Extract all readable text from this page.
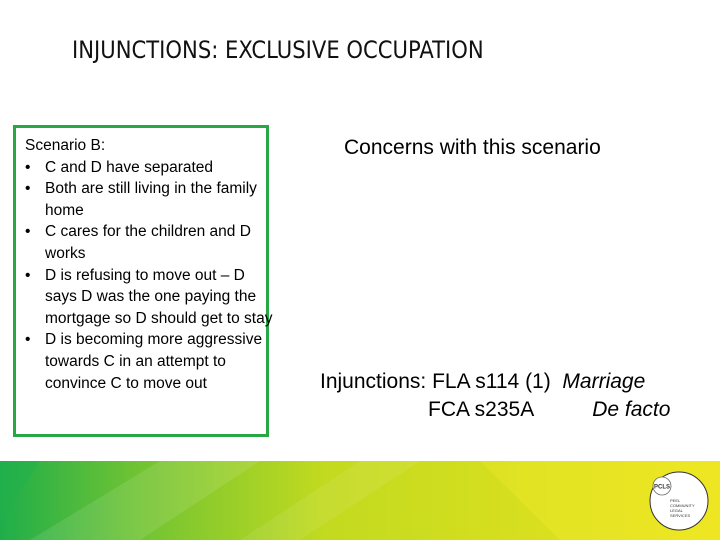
INJUNCTIONS: EXCLUSIVE OCCUPATION

Scenario B:

• C and D have separated
• Both are still living in the family home
• C cares for the children and D works
• D is refusing to move out – D says D was the one paying the mortgage so D should get to stay
• D is becoming more aggressive towards C in an attempt to convince C to move out
Concerns with this scenario
Injunctions: FLA s114 (1) Marriage
FCA s235A	De facto
PCLS
PEEL
COMMUNITY
LEGAL
SERVICES
